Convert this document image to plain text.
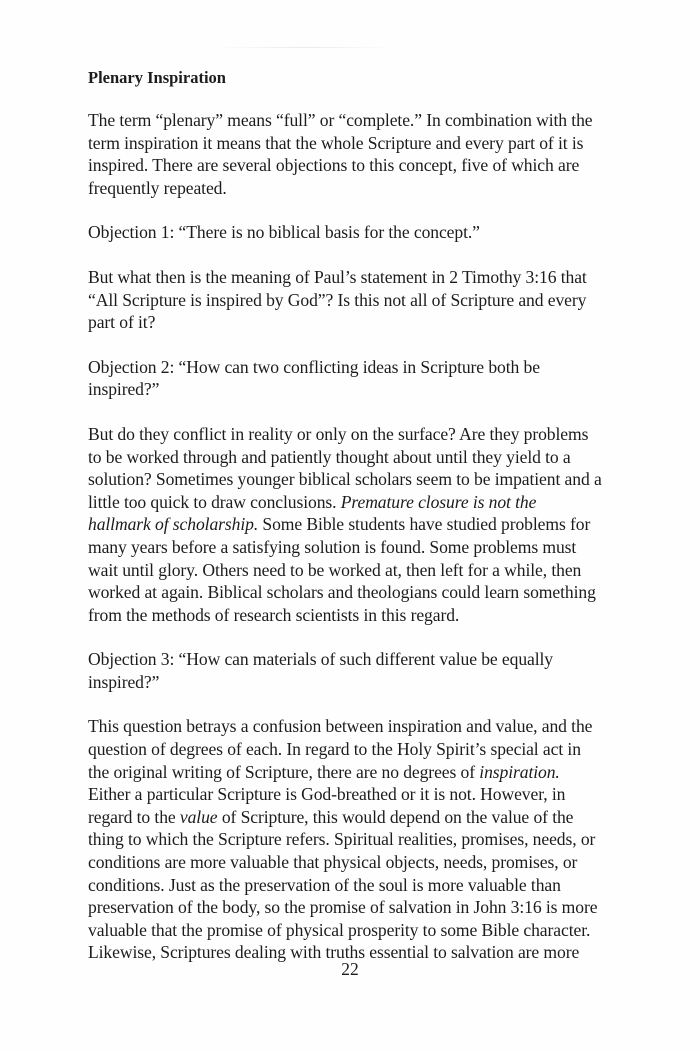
Plenary Inspiration
The term “plenary” means “full” or “complete.” In combination with the
term inspiration it means that the whole Scripture and every part of it is
inspired. There are several objections to this concept, five of which are
frequently repeated.
Objection 1: “There is no biblical basis for the concept.”
But what then is the meaning of Paul’s statement in 2 Timothy 3:16 that
“All Scripture is inspired by God”? Is this not all of Scripture and every
part of it?
Objection 2: “How can two conflicting ideas in Scripture both be
inspired?”
But do they conflict in reality or only on the surface? Are they problems
to be worked through and patiently thought about until they yield to a
solution? Sometimes younger biblical scholars seem to be impatient and a
little too quick to draw conclusions. Premature closure is not the
hallmark of scholarship. Some Bible students have studied problems for
many years before a satisfying solution is found. Some problems must
wait until glory. Others need to be worked at, then left for a while, then
worked at again. Biblical scholars and theologians could learn something
from the methods of research scientists in this regard.
Objection 3: “How can materials of such different value be equally
inspired?”
This question betrays a confusion between inspiration and value, and the
question of degrees of each. In regard to the Holy Spirit’s special act in
the original writing of Scripture, there are no degrees of inspiration.
Either a particular Scripture is God-breathed or it is not. However, in
regard to the value of Scripture, this would depend on the value of the
thing to which the Scripture refers. Spiritual realities, promises, needs, or
conditions are more valuable that physical objects, needs, promises, or
conditions. Just as the preservation of the soul is more valuable than
preservation of the body, so the promise of salvation in John 3:16 is more
valuable that the promise of physical prosperity to some Bible character.
Likewise, Scriptures dealing with truths essential to salvation are more
22
